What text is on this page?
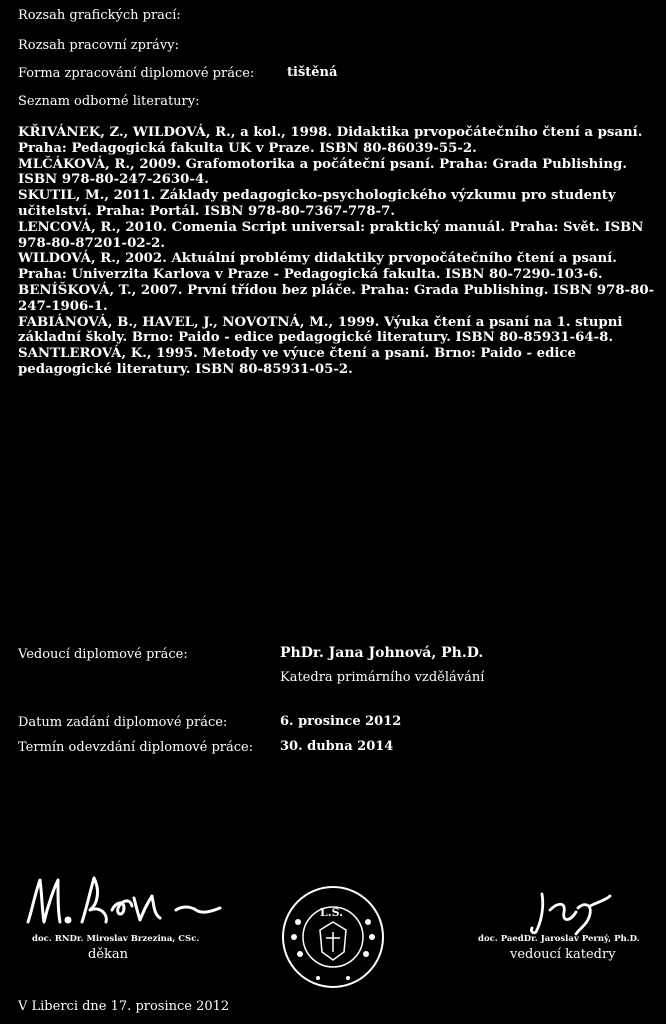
Rozsah grafických prací:
Rozsah pracovní zprávy:
Forma zpracování diplomové práce:	tištěná
Seznam odborné literatury:

KŘIVÁNEK, Z., WILDOVÁ, R., a kol., 1998. Didaktika prvopočátečního čtení a psaní. Praha: Pedagogická fakulta UK v Praze. ISBN 80-86039-55-2.

MLČÁKOVÁ, R., 2009. Grafomotorika a počáteční psaní. Praha: Grada Publishing. ISBN 978-80-247-2630-4.

SKUTIL, M., 2011. Základy pedagogicko-psychologického výzkumu pro studenty učitelství. Praha: Portál. ISBN 978-80-7367-778-7.

LENCOVÁ, R., 2010. Comenia Script universal: praktický manuál. Praha: Svět. ISBN 978-80-87201-02-2.

WILDOVÁ, R., 2002. Aktuální problémy didaktiky prvopočátečního čtení a psaní. Praha: Univerzita Karlova v Praze - Pedagogická fakulta. ISBN 80-7290-103-6.

BENÍŠKOVÁ, T., 2007. První třídou bez pláče. Praha: Grada Publishing. ISBN 978-80-247-1906-1.

FABIÁNOVÁ, B., HAVEL, J., NOVOTNÁ, M., 1999. Výuka čtení a psaní na 1. stupni základní školy. Brno: Paido - edice pedagogické literatury. ISBN 80-85931-64-8.

SANTLEROVÁ, K., 1995. Metody ve výuce čtení a psaní. Brno: Paido - edice pedagogické literatury. ISBN 80-85931-05-2.

Vedoucí diplomové práce:	PhDr. Jana Johnová, Ph.D.
Katedra primárního vzdělávání
Datum zadání diplomové práce:	6. prosince 2012
Termín odevzdání diplomové práce: 30. dubna 2014
doc. RNDr. Miroslav Brzezina, CSc.
děkan
L.S.
doc. PaedDr. Jaroslav Perný, Ph.D.
vedoucí katedry
V Liberci dne 17. prosince 2012
